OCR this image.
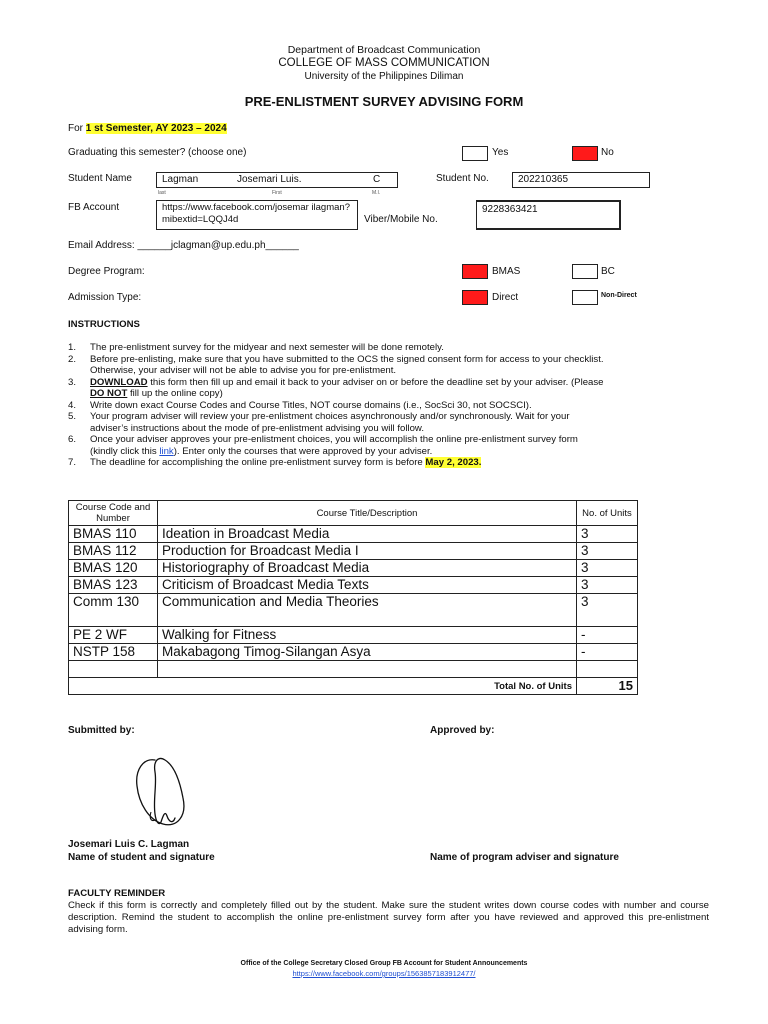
Department of Broadcast Communication
COLLEGE OF MASS COMMUNICATION
University of the Philippines Diliman
PRE-ENLISTMENT SURVEY ADVISING FORM
For 1 st Semester, AY 2023 – 2024
Graduating this semester? (choose one)	Yes	No
Student Name	Lagman	Josemari Luis.	C
last	First	M.I.
Student No.	202210365
FB Account	https://www.facebook.com/josemar ilagman?mibextid=LQQJ4d	Viber/Mobile No.
9228363421
Email Address: ______jclagman@up.edu.ph______
Degree Program:	BMAS	BC
Admission Type:	Direct	Non-Direct
INSTRUCTIONS
1.	The pre-enlistment survey for the midyear and next semester will be done remotely.
2.	Before pre-enlisting, make sure that you have submitted to the OCS the signed consent form for access to your checklist.
Otherwise, your adviser will not be able to advise you for pre-enlistment.
3.	DOWNLOAD this form then fill up and email it back to your adviser on or before the deadline set by your adviser. (Please
DO NOT fill up the online copy)
4.	Write down exact Course Codes and Course Titles, NOT course domains (i.e., SocSci 30, not SOCSCI).
5.	Your program adviser will review your pre-enlistment choices asynchronously and/or synchronously. Wait for your
adviser’s instructions about the mode of pre-enlistment advising you will follow.
6.	Once your adviser approves your pre-enlistment choices, you will accomplish the online pre-enlistment survey form
(kindly click this link). Enter only the courses that were approved by your adviser.
7.	The deadline for accomplishing the online pre-enlistment survey form is before May 2, 2023.
Course Code and Number	Course Title/Description	No. of Units
BMAS 110	Ideation in Broadcast Media	3
BMAS 112	Production for Broadcast Media I	3
BMAS 120	Historiography of Broadcast Media	3
BMAS 123	Criticism of Broadcast Media Texts	3
Comm 130	Communication and Media Theories	3
PE 2 WF	Walking for Fitness	-
NSTP 158	Makabagong Timog-Silangan Asya	-

	Total No. of Units	15
Submitted by:	Approved by:
Josemari Luis C. Lagman
Name of student and signature	Name of program adviser and signature
FACULTY REMINDER
Check if this form is correctly and completely filled out by the student. Make sure the student writes down course codes with number and course description. Remind the student to accomplish the online pre-enlistment survey form after you have reviewed and approved this pre-enlistment advising form.
Office of the College Secretary Closed Group FB Account for Student Announcements
https://www.facebook.com/groups/1563857183912477/
